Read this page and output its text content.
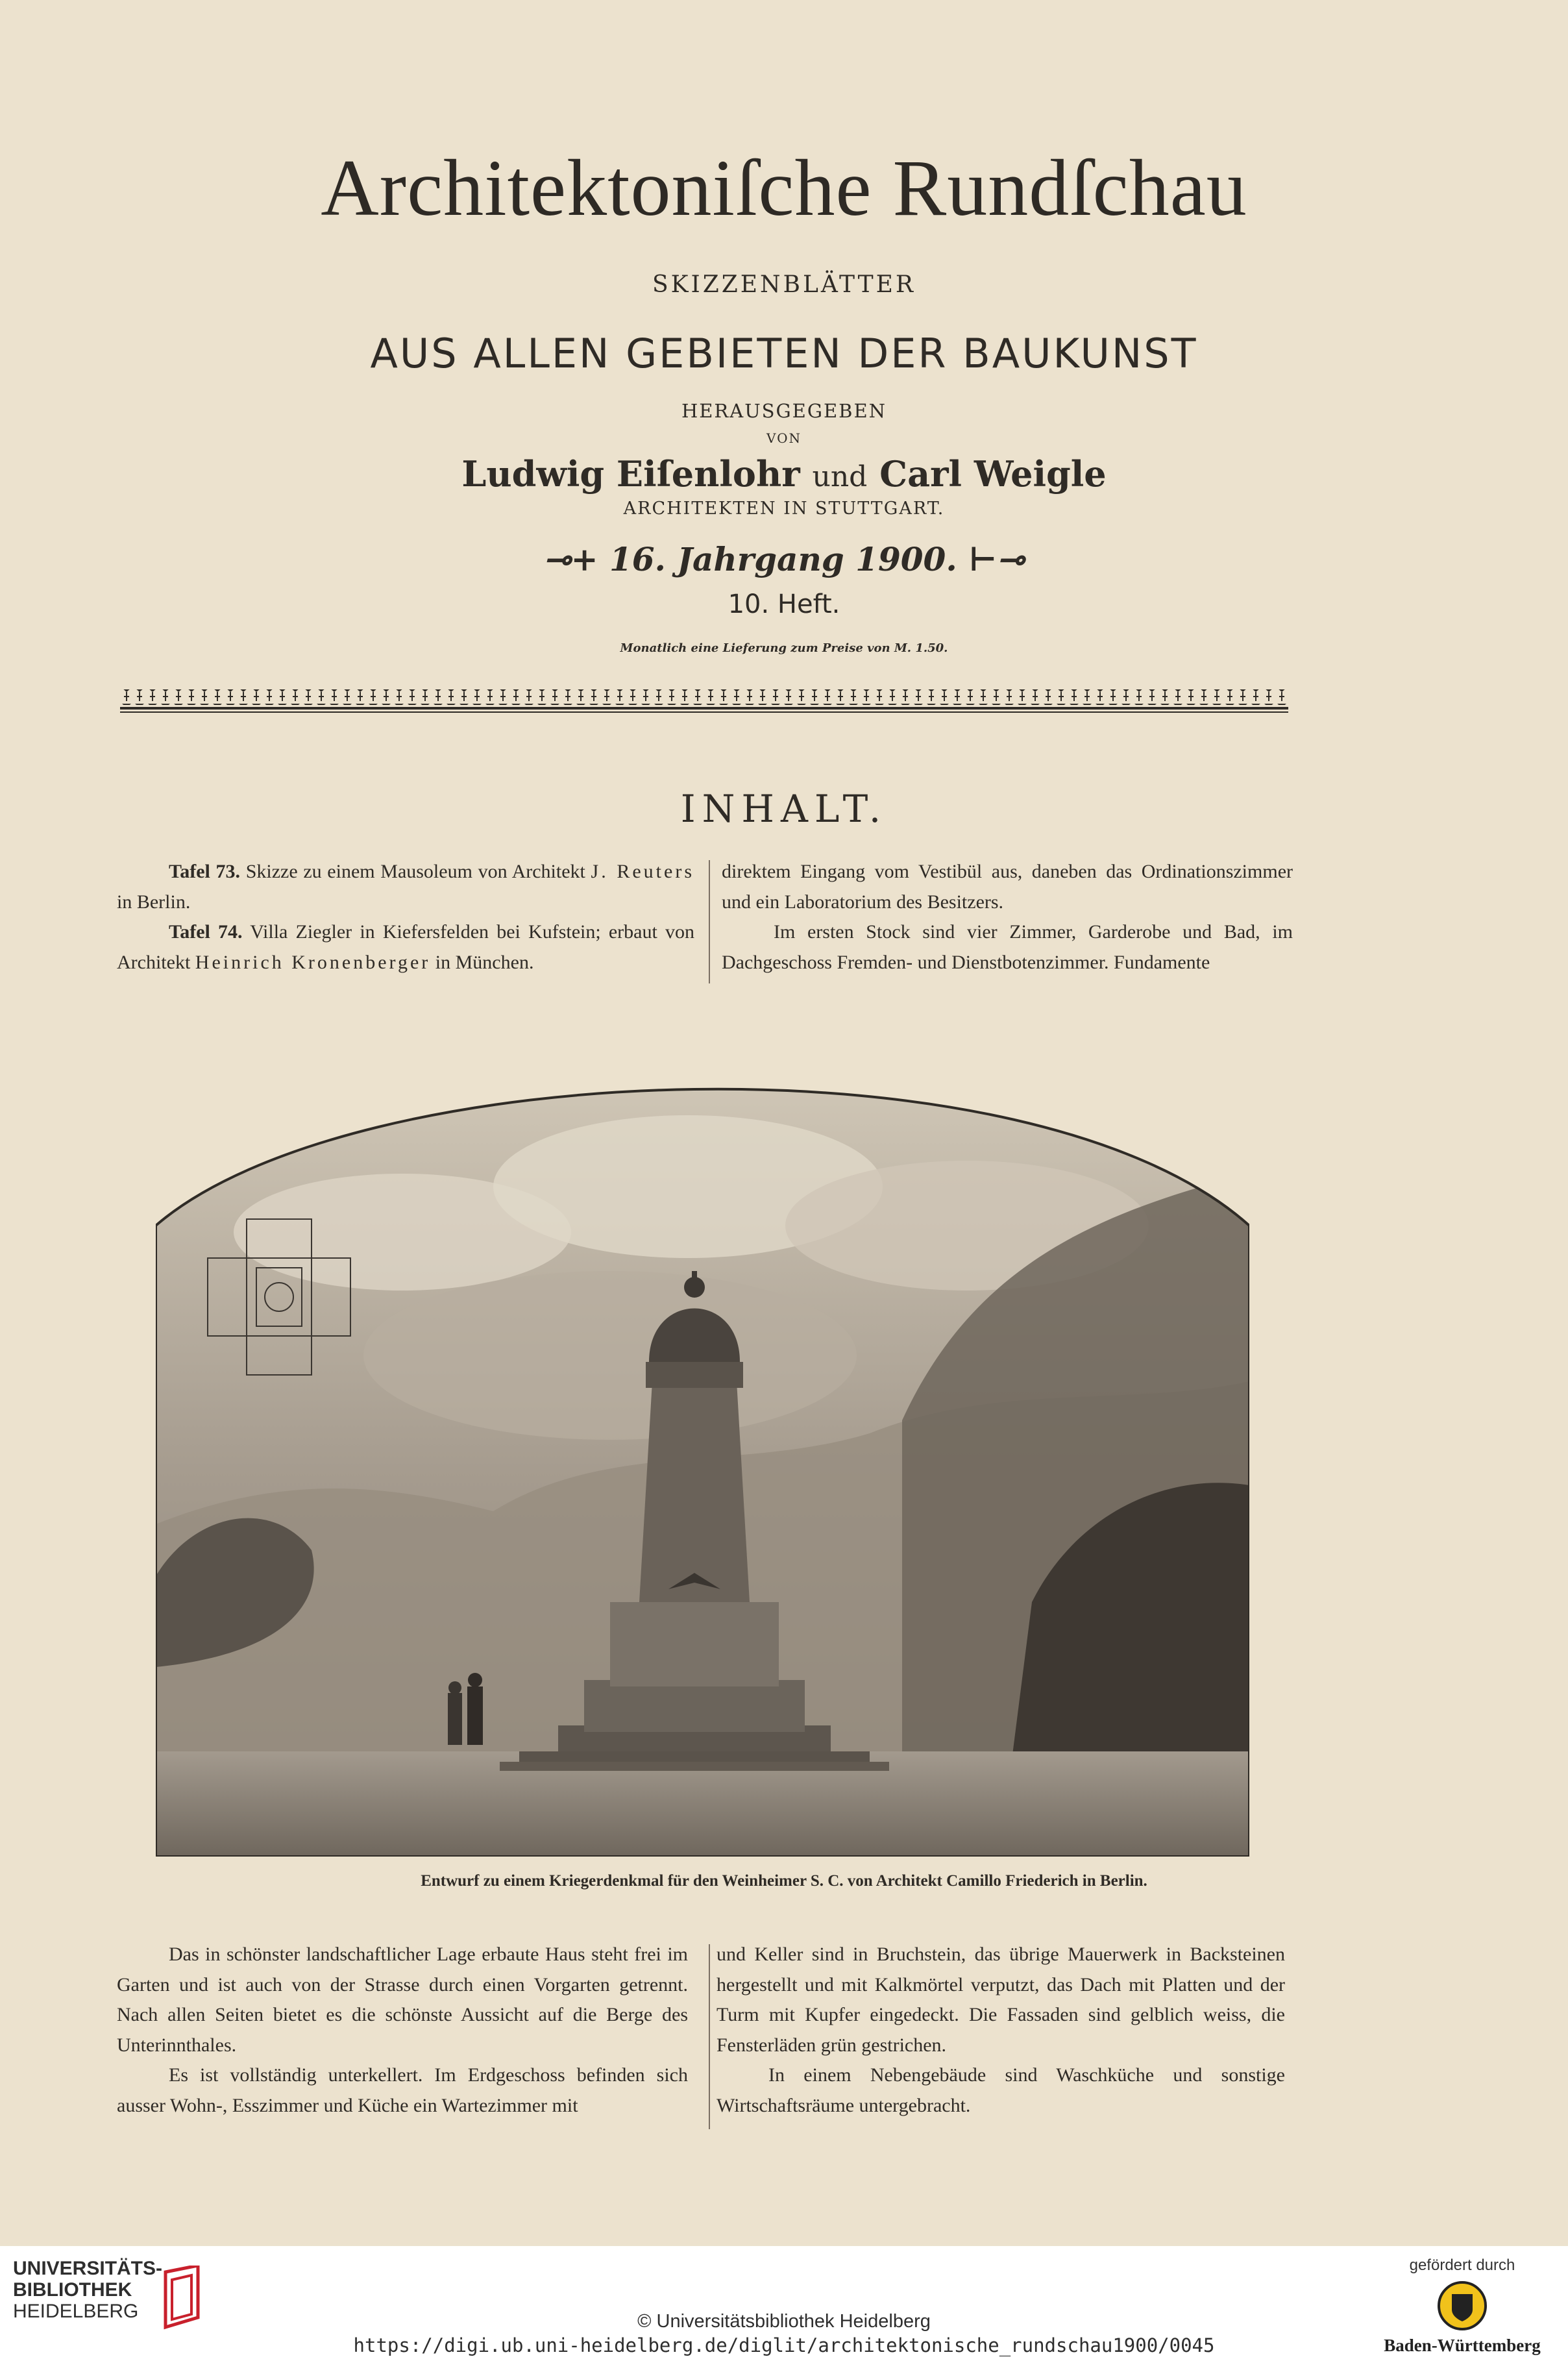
Architektoniſche Rundſchau
SKIZZENBLÄTTER
AUS ALLEN GEBIETEN DER BAUKUNST
HERAUSGEGEBEN
VON
Ludwig Eiſenlohr und Carl Weigle
ARCHITEKTEN IN STUTTGART.
⊸+ 16. Jahrgang 1900. ⊢⊸
10. Heft.
Monatlich eine Lieferung zum Preise von M. 1.50.
INHALT.

Tafel 73. Skizze zu einem Mausoleum von Architekt J. Reuters in Berlin.

Tafel 74. Villa Ziegler in Kiefersfelden bei Kufstein; erbaut von Architekt Heinrich Kronenberger in München.

direktem Eingang vom Vestibül aus, daneben das Ordinationszimmer und ein Laboratorium des Besitzers.

Im ersten Stock sind vier Zimmer, Garderobe und Bad, im Dachgeschoss Fremden- und Dienstbotenzimmer. Fundamente

Entwurf zu einem Kriegerdenkmal für den Weinheimer S. C. von Architekt Camillo Friederich in Berlin.

Das in schönster landschaftlicher Lage erbaute Haus steht frei im Garten und ist auch von der Strasse durch einen Vorgarten getrennt. Nach allen Seiten bietet es die schönste Aussicht auf die Berge des Unterinnthales.

Es ist vollständig unterkellert. Im Erdgeschoss befinden sich ausser Wohn-, Esszimmer und Küche ein Wartezimmer mit

und Keller sind in Bruchstein, das übrige Mauerwerk in Backsteinen hergestellt und mit Kalkmörtel verputzt, das Dach mit Platten und der Turm mit Kupfer eingedeckt. Die Fassaden sind gelblich weiss, die Fensterläden grün gestrichen.

In einem Nebengebäude sind Waschküche und sonstige Wirtschaftsräume untergebracht.

UNIVERSITÄTS-
BIBLIOTHEK
HEIDELBERG	© Universitätsbibliothek Heidelberg
https://digi.ub.uni-heidelberg.de/diglit/architektonische_rundschau1900/0045
gefördert durch
Baden-Württemberg
